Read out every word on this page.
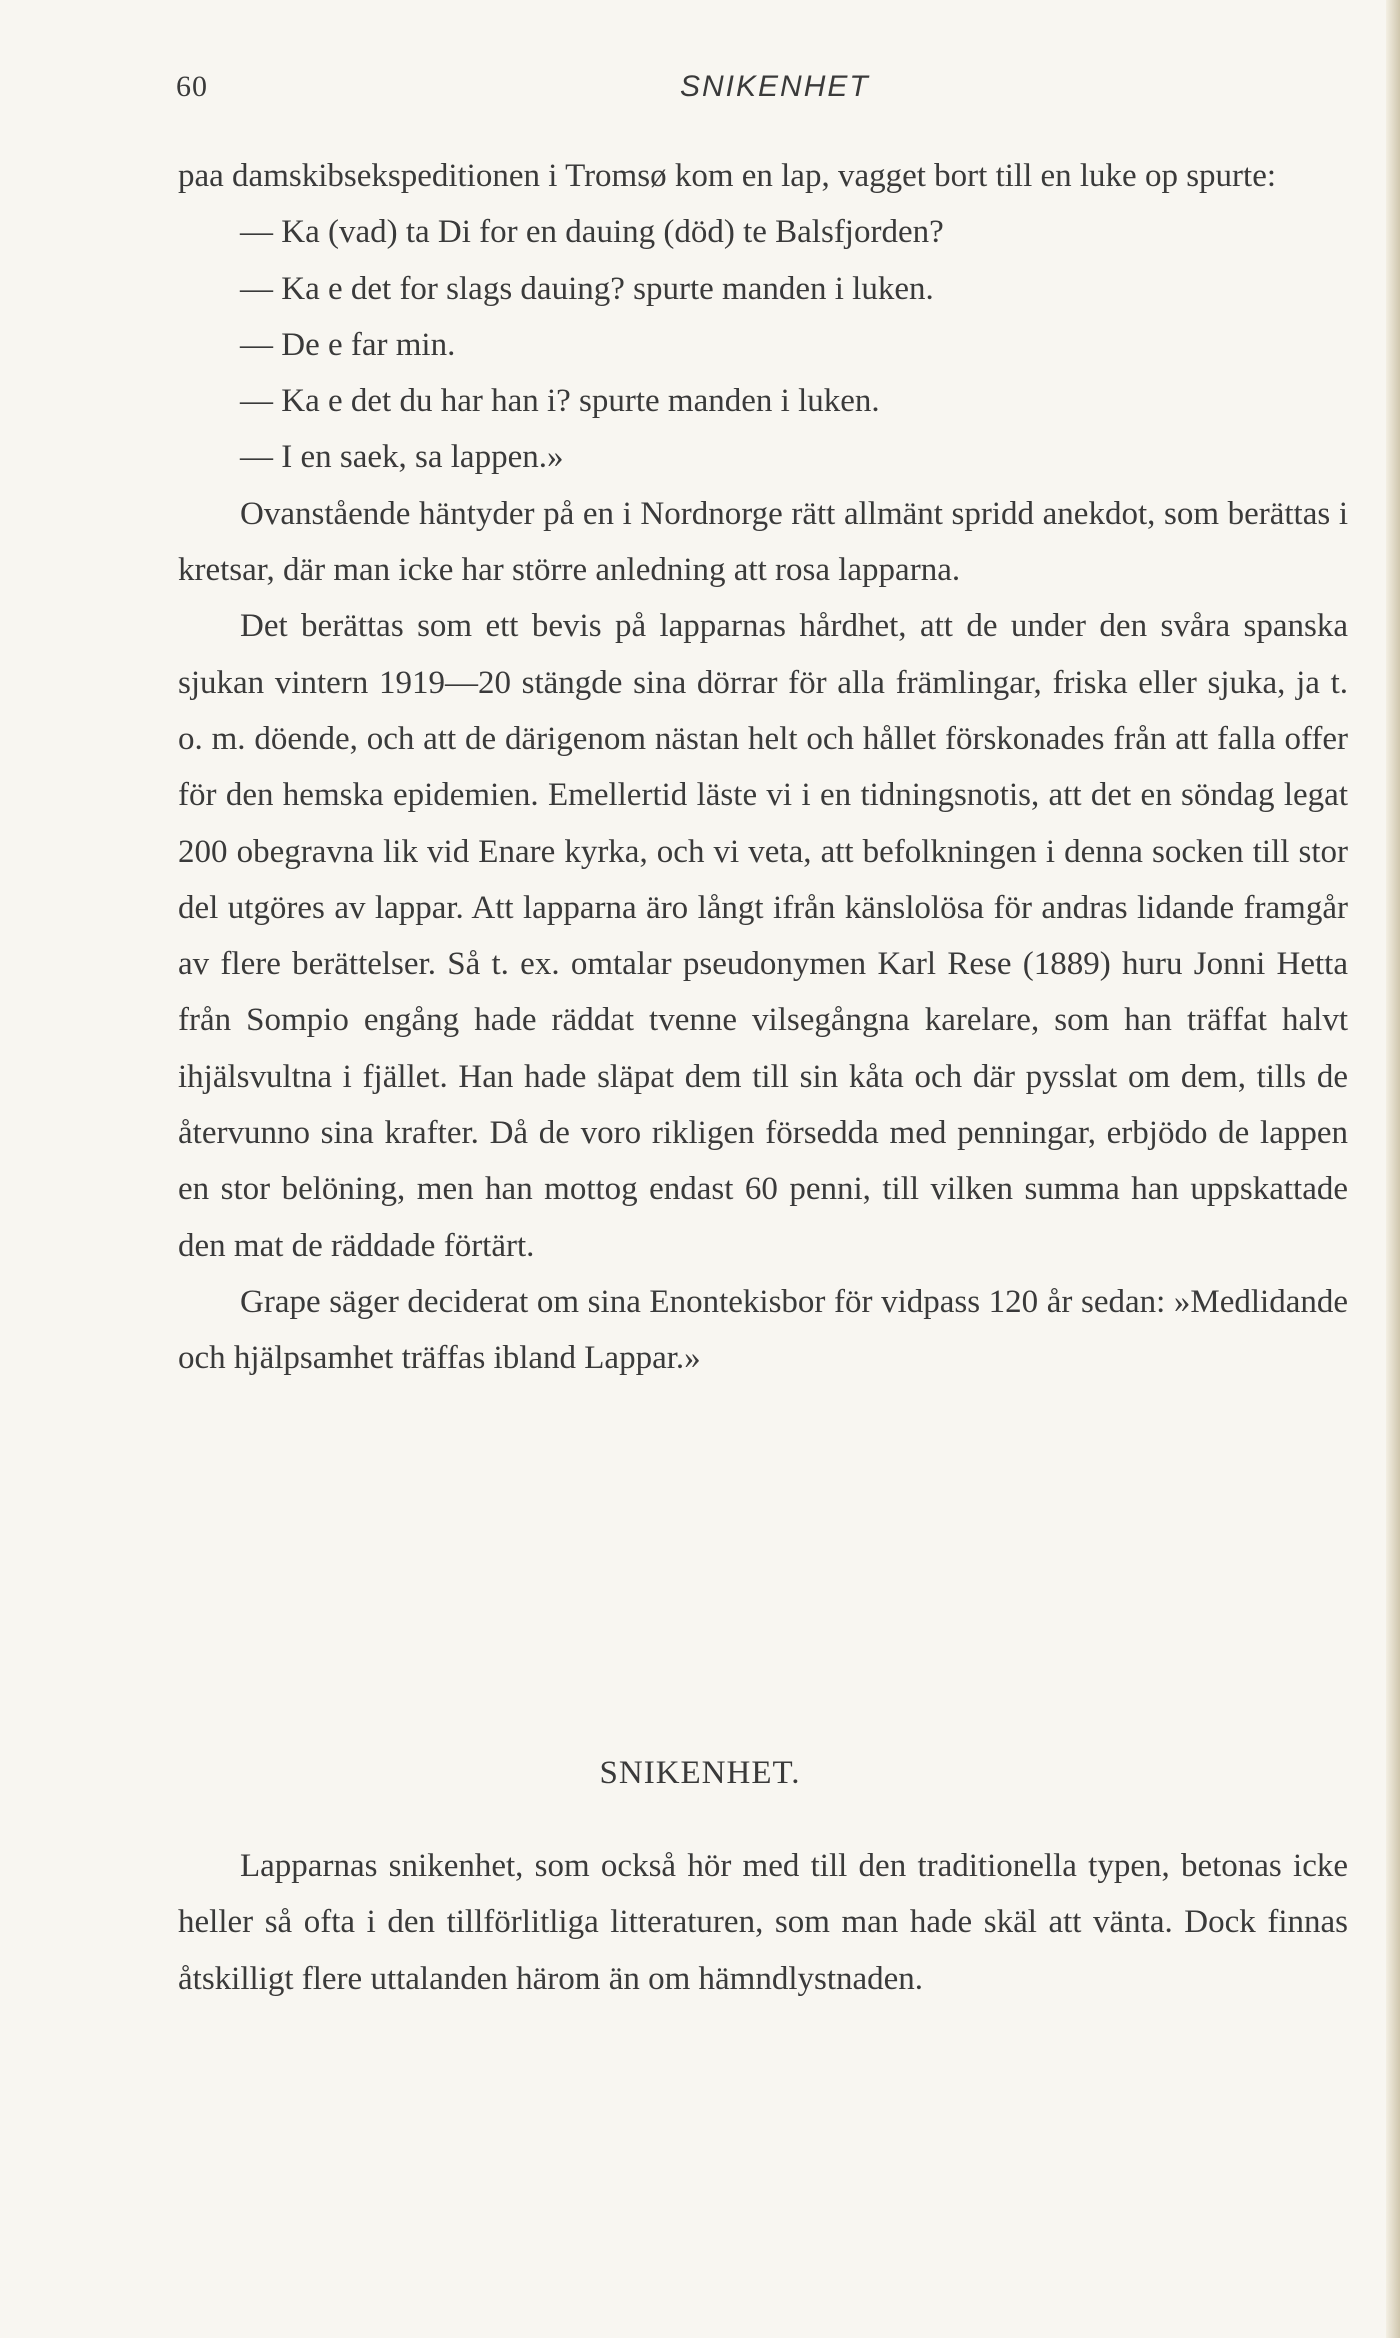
60	SNIKENHET

paa damskibsekspeditionen i Tromsø kom en lap, vagget bort till en luke op spurte:

— Ka (vad) ta Di for en dauing (död) te Balsfjorden?

— Ka e det for slags dauing? spurte manden i luken.

— De e far min.

— Ka e det du har han i? spurte manden i luken.

— I en saek, sa lappen.»

Ovanstående häntyder på en i Nordnorge rätt allmänt spridd anekdot, som berättas i kretsar, där man icke har större anledning att rosa lapparna.

Det berättas som ett bevis på lapparnas hårdhet, att de under den svåra spanska sjukan vintern 1919—20 stängde sina dörrar för alla främlingar, friska eller sjuka, ja t. o. m. döende, och att de därigenom nästan helt och hållet förskonades från att falla offer för den hemska epidemien. Emellertid läste vi i en tidningsnotis, att det en söndag legat 200 obegravna lik vid Enare kyrka, och vi veta, att befolkningen i denna socken till stor del utgöres av lappar. Att lapparna äro långt ifrån känslolösa för andras lidande framgår av flere berättelser. Så t. ex. omtalar pseudonymen Karl Rese (1889) huru Jonni Hetta från Sompio engång hade räddat tvenne vilsegångna karelare, som han träffat halvt ihjälsvultna i fjället. Han hade släpat dem till sin kåta och där pysslat om dem, tills de återvunno sina krafter. Då de voro rikligen försedda med penningar, erbjödo de lappen en stor belöning, men han mottog endast 60 penni, till vilken summa han uppskattade den mat de räddade förtärt.

Grape säger deciderat om sina Enontekisbor för vidpass 120 år sedan: »Medlidande och hjälpsamhet träffas ibland Lappar.»

SNIKENHET.

Lapparnas snikenhet, som också hör med till den traditionella typen, betonas icke heller så ofta i den tillförlitliga litteraturen, som man hade skäl att vänta. Dock finnas åtskilligt flere uttalanden härom än om hämndlystnaden.
